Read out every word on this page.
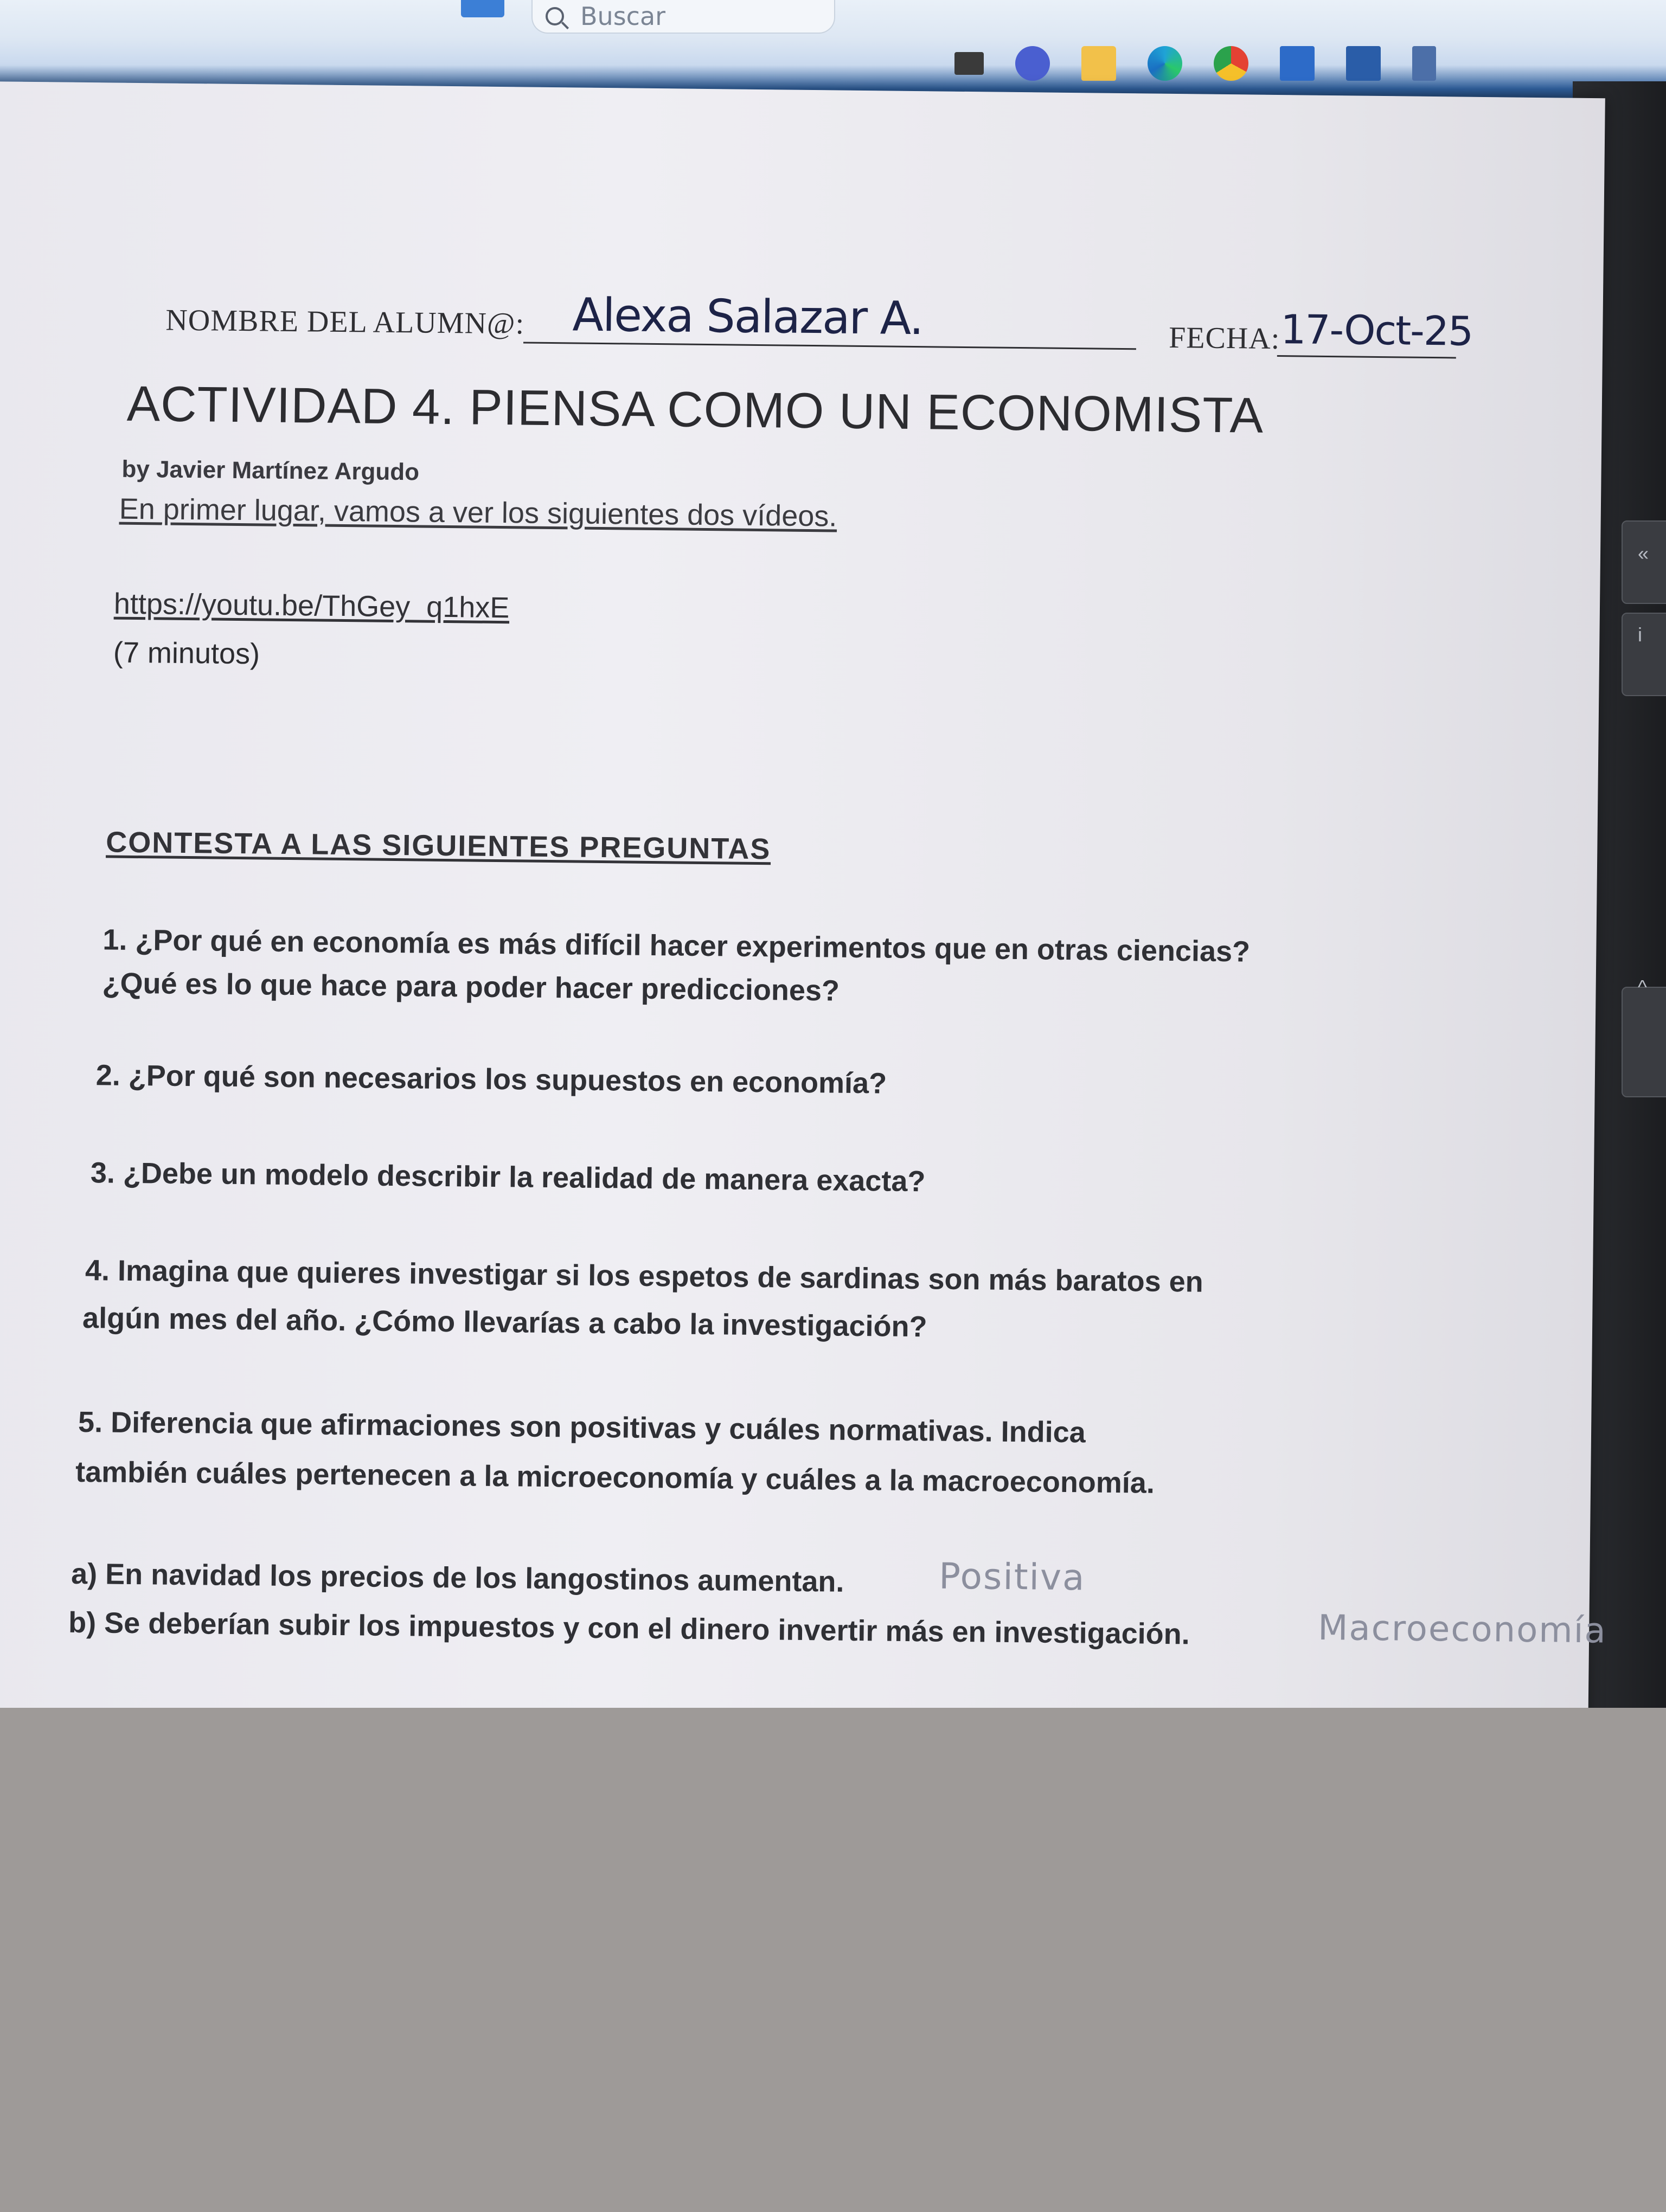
Buscar
«
i
^
NOMBRE DEL ALUMN@: Alexa Salazar A.	FECHA: 17-Oct-25
ACTIVIDAD 4. PIENSA COMO UN ECONOMISTA
by Javier Martínez Argudo
En primer lugar, vamos a ver los siguientes dos vídeos.
https://youtu.be/ThGey_q1hxE
(7 minutos)
CONTESTA A LAS SIGUIENTES PREGUNTAS
1. ¿Por qué en economía es más difícil hacer experimentos que en otras ciencias?
¿Qué es lo que hace para poder hacer predicciones?
2. ¿Por qué son necesarios los supuestos en economía?
3. ¿Debe un modelo describir la realidad de manera exacta?
4. Imagina que quieres investigar si los espetos de sardinas son más baratos en
algún mes del año. ¿Cómo llevarías a cabo la investigación?
5. Diferencia que afirmaciones son positivas y cuáles normativas. Indica
también cuáles pertenecen a la microeconomía y cuáles a la macroeconomía.
a) En navidad los precios de los langostinos aumentan.	Positiva
b) Se deberían subir los impuestos y con el dinero invertir más en investigación.	Macroeconomía
